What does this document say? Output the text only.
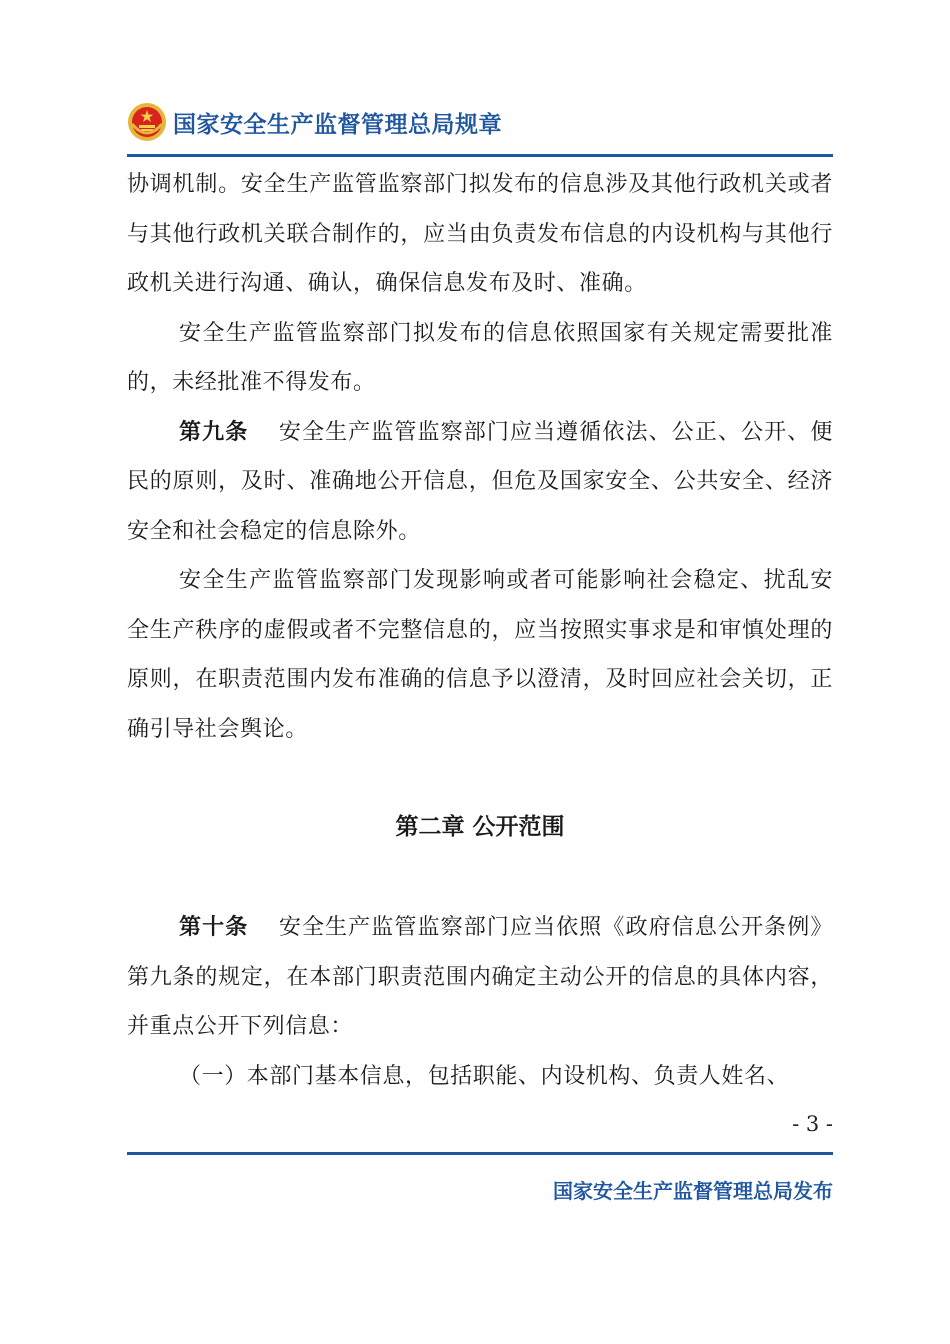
国家安全生产监督管理总局规章

协调机制。安全生产监管监察部门拟发布的信息涉及其他行政机关或者与其他行政机关联合制作的，应当由负责发布信息的内设机构与其他行政机关进行沟通、确认，确保信息发布及时、准确。

安全生产监管监察部门拟发布的信息依照国家有关规定需要批准的，未经批准不得发布。

第九条 安全生产监管监察部门应当遵循依法、公正、公开、便民的原则，及时、准确地公开信息，但危及国家安全、公共安全、经济安全和社会稳定的信息除外。

安全生产监管监察部门发现影响或者可能影响社会稳定、扰乱安全生产秩序的虚假或者不完整信息的，应当按照实事求是和审慎处理的原则，在职责范围内发布准确的信息予以澄清，及时回应社会关切，正确引导社会舆论。

第二章 公开范围

第十条 安全生产监管监察部门应当依照《政府信息公开条例》第九条的规定，在本部门职责范围内确定主动公开的信息的具体内容，并重点公开下列信息：

（一）本部门基本信息，包括职能、内设机构、负责人姓名、

- 3 -
国家安全生产监督管理总局发布
